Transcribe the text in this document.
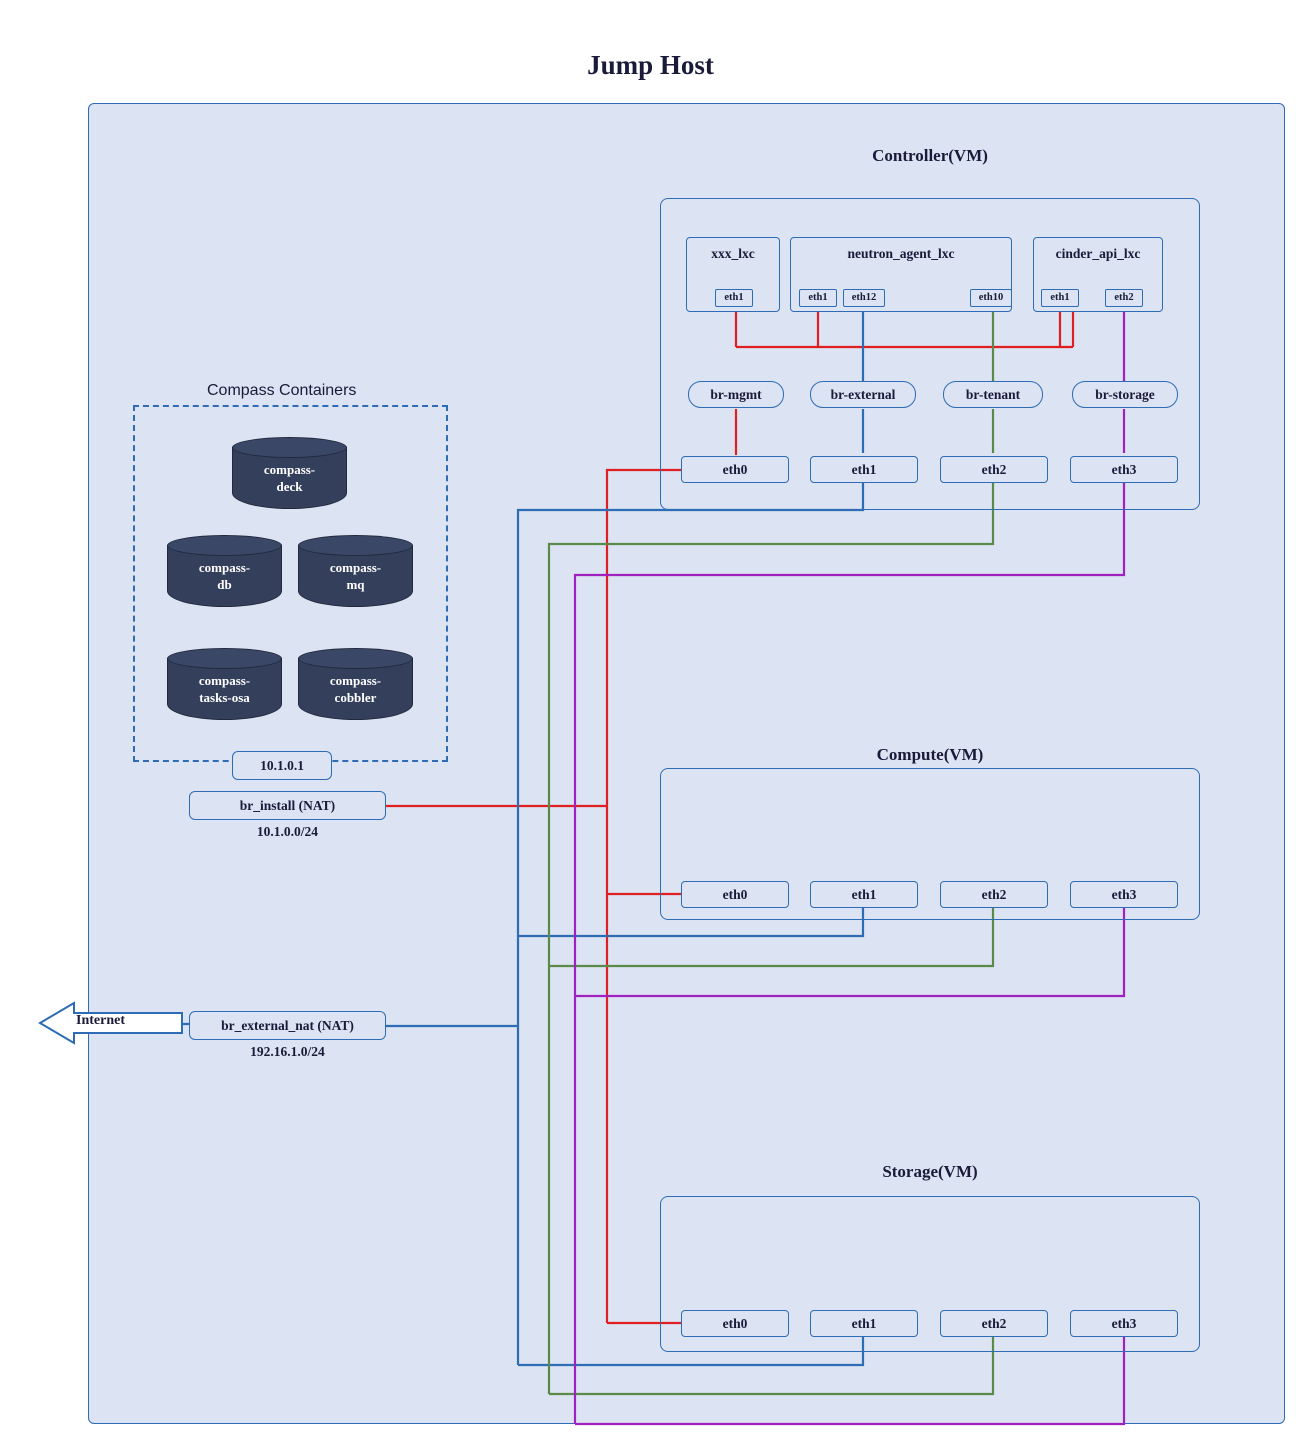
Jump Host
Controller(VM)
xxx_lxc
eth1
neutron_agent_lxc
eth1	eth12	eth10
cinder_api_lxc
eth1	eth2
br-mgmt	br-external	br-tenant	br-storage
eth0	eth1	eth2	eth3
Compute(VM)
eth0	eth1	eth2	eth3
Storage(VM)
eth0	eth1	eth2	eth3
Compass Containers
compass-
deck
compass-
db
compass-
mq
compass-
tasks-osa
compass-
cobbler
10.1.0.1
br_install (NAT)
10.1.0.0/24
br_external_nat (NAT)
192.16.1.0/24
Internet
